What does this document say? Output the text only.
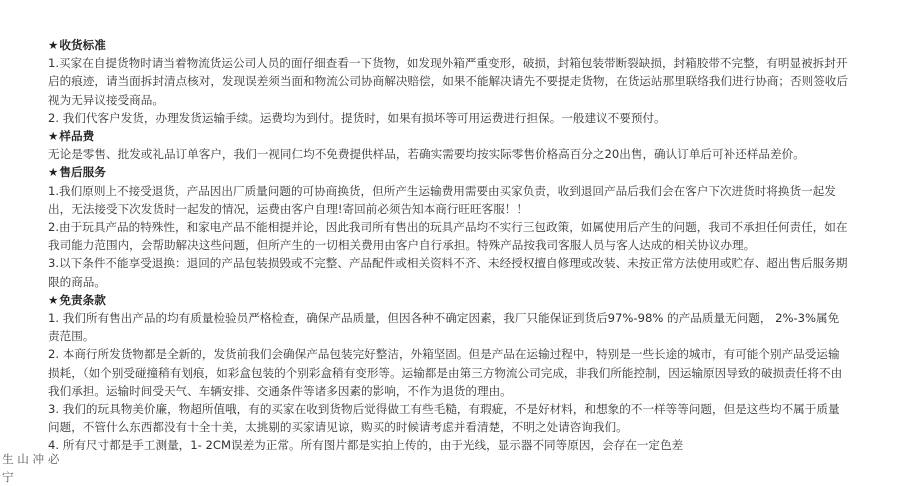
★收货标准
1.买家在自提货物时请当着物流货运公司人员的面仔细查看一下货物，如发现外箱严重变形，破损，封箱包装带断裂缺损，封箱胶带不完整，有明显被拆封开启的痕迹，请当面拆封清点核对，发现误差须当面和物流公司协商解决赔偿，如果不能解决请先不要提走货物，在货运站那里联络我们进行协商；否则签收后视为无异议接受商品。
2. 我们代客户发货，办理发货运输手续。运费均为到付。提货时，如果有损坏等可用运费进行担保。一般建议不要预付。
★样品费
无论是零售、批发或礼品订单客户，我们一视同仁均不免费提供样品，若确实需要均按实际零售价格高百分之20出售，确认订单后可补还样品差价。
★售后服务
1.我们原则上不接受退货，产品因出厂质量问题的可协商换货，但所产生运输费用需要由买家负责，收到退回产品后我们会在客户下次进货时将换货一起发出，无法接受下次发货时一起发的情况，运费由客户自理!寄回前必须告知本商行旺旺客服！！
2.由于玩具产品的特殊性，和家电产品不能相提并论，因此我司所有售出的玩具产品均不实行三包政策，如属使用后产生的问题，我司不承担任何责任，如在我司能力范围内，会帮助解决这些问题，但所产生的一切相关费用由客户自行承担。特殊产品按我司客服人员与客人达成的相关协议办理。
3.以下条件不能享受退换：退回的产品包装损毁或不完整、产品配件或相关资料不齐、未经授权擅自修理或改装、未按正常方法使用或贮存、超出售后服务期限的商品。
★免责条款
1. 我们所有售出产品的均有质量检验员严格检查，确保产品质量，但因各种不确定因素，我厂只能保证到货后97%-98% 的产品质量无问题， 2%-3%属免责范围。
2. 本商行所发货物都是全新的，发货前我们会确保产品包装完好整洁，外箱坚固。但是产品在运输过程中，特别是一些长途的城市，有可能个别产品受运输损耗，（如个别受碰撞稍有划痕，如彩盒包装的个别彩盒稍有变形等。运输都是由第三方物流公司完成，非我们所能控制，因运输原因导致的破损责任将不由我们承担。运输时间受天气、车辆安排、交通条件等诸多因素的影响，不作为退货的理由。
3. 我们的玩具物美价廉，物超所值哦，有的买家在收到货物后觉得做工有些毛糙，有瑕疵，不是好材料，和想象的不一样等等问题，但是这些均不属于质量问题，不管什么东西都没有十全十美，太挑剔的买家请见谅，购买的时候请考虑并看清楚，不明之处请咨询我们。
4. 所有尺寸都是手工测量，1- 2CM误差为正常。所有图片都是实拍上传的，由于光线，显示器不同等原因，会存在一定色差
生 山 冲 必 宁
